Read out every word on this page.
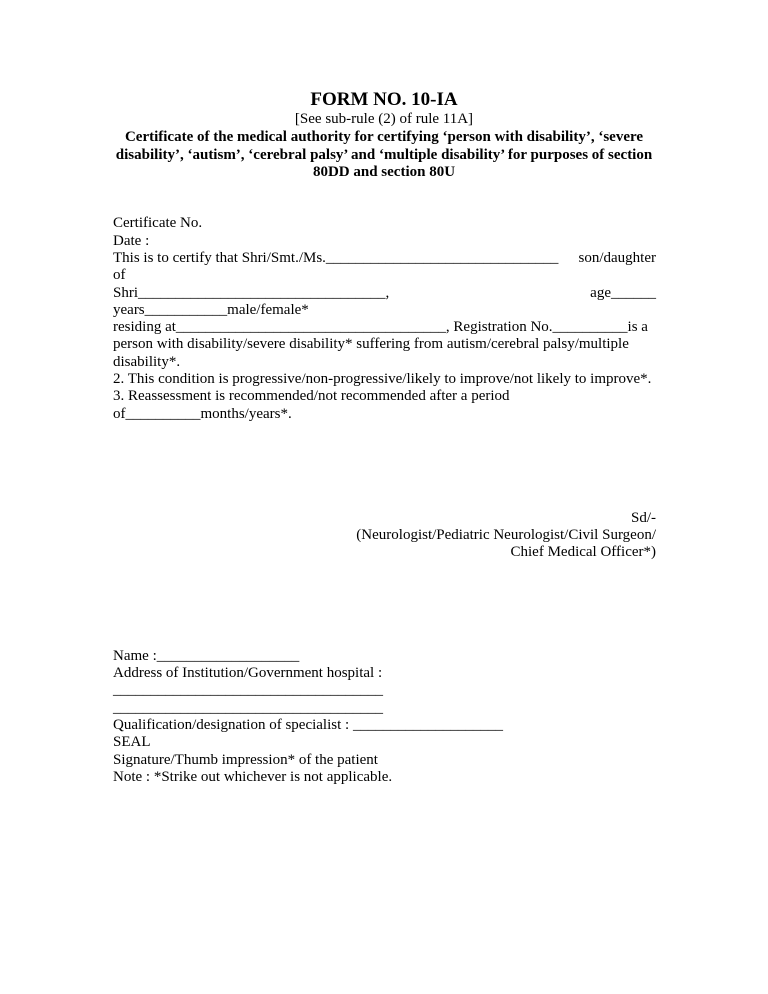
FORM NO. 10-IA
[See sub-rule (2) of rule 11A]
Certificate of the medical authority for certifying ‘person with disability’, ‘severe
disability’, ‘autism’, ‘cerebral palsy’ and ‘multiple disability’ for purposes of section
80DD and section 80U
Certificate No.
Date :
This is to certify that Shri/Smt./Ms._______________________________ son/daughter
of
Shri_________________________________,	age______
years___________male/female*
residing at____________________________________, Registration No.__________is a
person with disability/severe disability* suffering from autism/cerebral palsy/multiple
disability*.
2. This condition is progressive/non-progressive/likely to improve/not likely to improve*.
3. Reassessment is recommended/not recommended after a period
of__________months/years*.
Sd/-
(Neurologist/Pediatric Neurologist/Civil Surgeon/
Chief Medical Officer*)
Name :___________________
Address of Institution/Government hospital :
____________________________________
____________________________________
Qualification/designation of specialist : ____________________
SEAL
Signature/Thumb impression* of the patient
Note : *Strike out whichever is not applicable.
